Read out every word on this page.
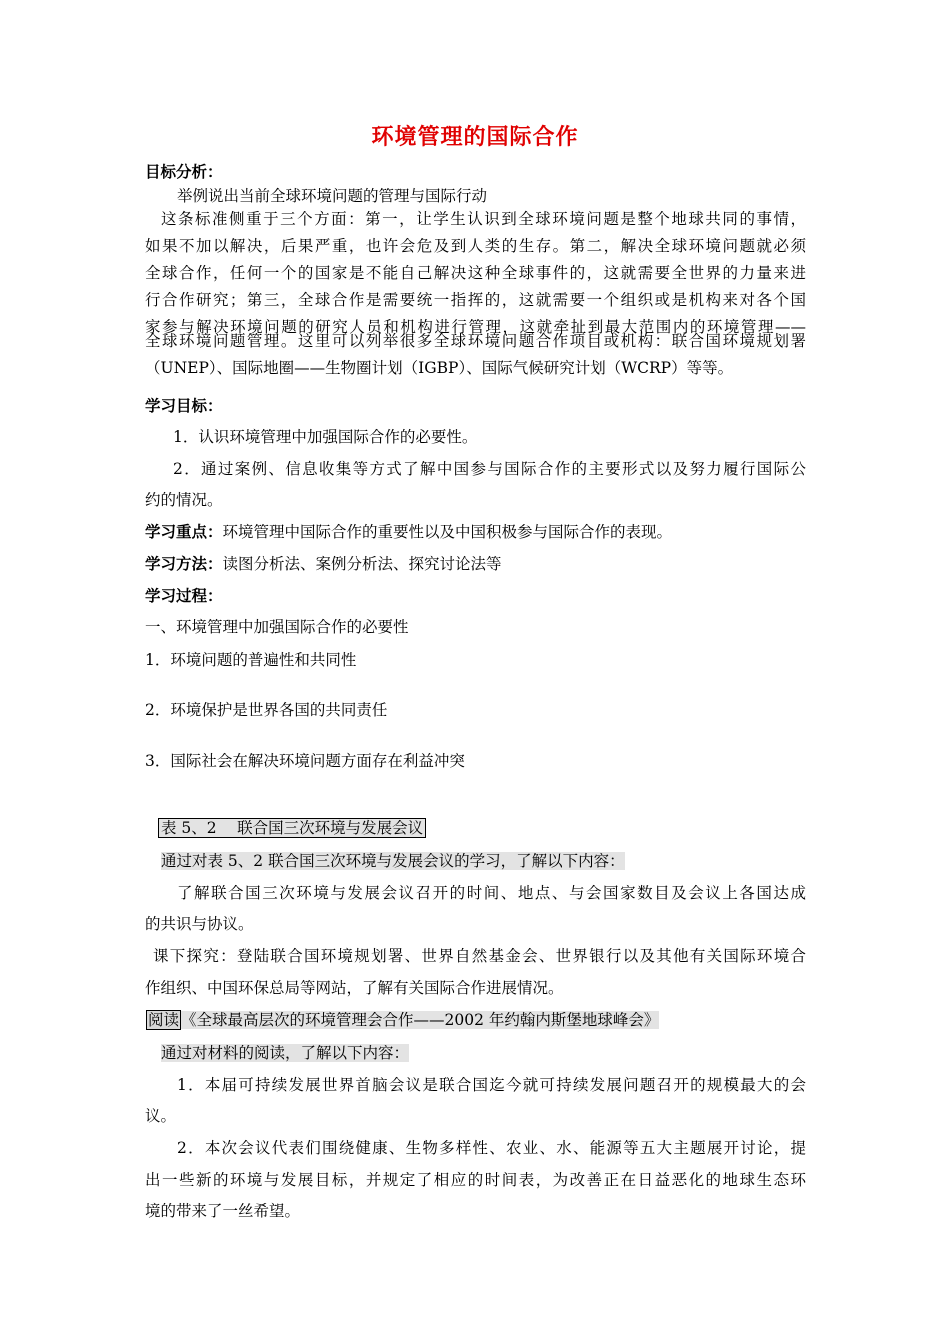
环境管理的国际合作
目标分析：
举例说出当前全球环境问题的管理与国际行动
这条标准侧重于三个方面：第一，让学生认识到全球环境问题是整个地球共同的事情，
如果不加以解决，后果严重，也许会危及到人类的生存。第二，解决全球环境问题就必须
全球合作，任何一个的国家是不能自己解决这种全球事件的，这就需要全世界的力量来进
行合作研究；第三，全球合作是需要统一指挥的，这就需要一个组织或是机构来对各个国
家参与解决环境问题的研究人员和机构进行管理，这就牵扯到最大范围内的环境管理——
全球环境问题管理。这里可以列举很多全球环境问题合作项目或机构：联合国环境规划署
（UNEP）、国际地圈——生物圈计划（IGBP）、国际气候研究计划（WCRP）等等。
学习目标：
1．认识环境管理中加强国际合作的必要性。
2．通过案例、信息收集等方式了解中国参与国际合作的主要形式以及努力履行国际公
约的情况。
学习重点：环境管理中国际合作的重要性以及中国积极参与国际合作的表现。
学习方法：读图分析法、案例分析法、探究讨论法等
学习过程：
一、环境管理中加强国际合作的必要性
1．环境问题的普遍性和共同性
2．环境保护是世界各国的共同责任
3．国际社会在解决环境问题方面存在利益冲突
表 5、2　 联合国三次环境与发展会议
通过对表 5、2 联合国三次环境与发展会议的学习，了解以下内容：
了解联合国三次环境与发展会议召开的时间、地点、与会国家数目及会议上各国达成
的共识与协议。
课下探究：登陆联合国环境规划署、世界自然基金会、世界银行以及其他有关国际环境合
作组织、中国环保总局等网站，了解有关国际合作进展情况。
阅读 《全球最高层次的环境管理会合作——2002 年约翰内斯堡地球峰会》
通过对材料的阅读，了解以下内容：
1．本届可持续发展世界首脑会议是联合国迄今就可持续发展问题召开的规模最大的会
议。
2．本次会议代表们围绕健康、生物多样性、农业、水、能源等五大主题展开讨论，提
出一些新的环境与发展目标，并规定了相应的时间表，为改善正在日益恶化的地球生态环
境的带来了一丝希望。
